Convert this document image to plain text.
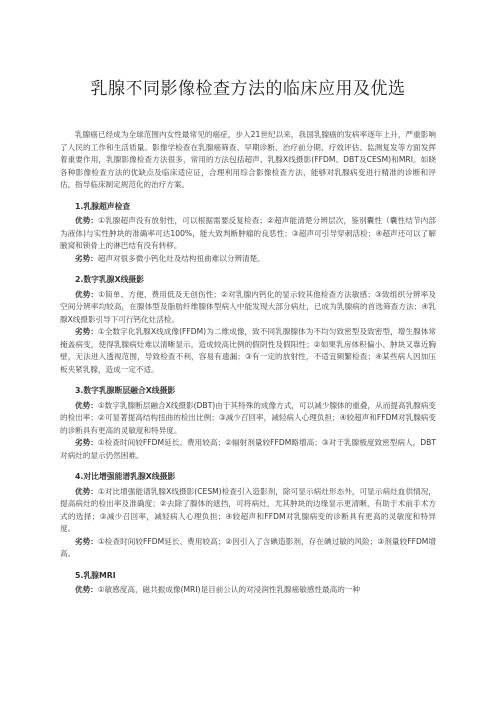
乳腺不同影像检查方法的临床应用及优选

乳腺癌已经成为全球范围内女性最常见的癌症，步入21世纪以来，我国乳腺癌的发病率逐年上升，严重影响了人民的工作和生活质量。影像学检查在乳腺癌筛查、早期诊断、治疗前分期、疗效评估、监测复发等方面发挥着重要作用，乳腺影像检查方法很多，常用的方法包括超声、乳腺X线摄影(FFDM、DBT及CESM)和MRI。如晓各种影像检查方法的优缺点及临床适应证，合理利用综合影像检查方法，能够对乳腺病变进行精准的诊断和评估，指导临床制定规范化的治疗方案。

1.乳腺超声检查

优势：①乳腺超声没有放射性，可以根据需要反复检查；②超声能清楚分辨层次，鉴别囊性（囊性结节内部为液体)与实性肿块的准确率可达100%，能大致判断肿瘤的良恶性；③超声可引导穿刺活检；④超声还可以了解腋窝和锁骨上的淋巴结有没有转移。

劣势：超声对很多微小钙化灶及结构扭曲难以分辨清楚。

2.数字乳腺X线摄影

优势：①简单、方便、费用低及无创伤性；②对乳腺内钙化的显示较其他检查方法敏感；③致组织分辨率及空间分辨率均较高，在腺体型及脂肪纤维腺体型病人中能发现大部分病灶，已成为乳腺病的首选筛查方法；④乳腺X线摄影引导下可行钙化灶活检。

劣势：①全数字化乳腺X线成像(FFDM)为二维成像，致不同乳腺腺体为不均匀致密型及致密型，增生腺体常掩盖病变，使得乳腺病灶难以清晰显示，造成较高比例的假阴性及假阳性；②如果乳房体积偏小、肿块又靠近胸壁，无法进入透视范围，导致检查不利，容易有遗漏；③有一定的放射性，不适宜频繁检查；④某些病人因加压板夹紧乳腺，造成一定不适。

3.数字乳腺断层融合X线摄影

优势：①数字乳腺断层融合X线摄影(DBT)由于其特殊的成像方式，可以减少腺体的重叠，从而提高乳腺病变的检出率；②可显著提高结构扭曲的检出比例；③减少召回率，减轻病人心理负担；④较超声和FFDM对乳腺病变的诊断具有更高的灵敏度和特异度。

劣势：①检查时间较FFDM延长、费用较高；②辐射剂量较FFDM略增高；③对于乳腺极度致密型病人，DBT对病灶的显示仍然困难。

4.对比增强能谱乳腺X线摄影

优势：①对比增强能谱乳腺X线摄影(CESM)检查引入造影剂，除可显示病灶形态外，可显示病灶血供情况，提高病灶的检出率及准确度；②去除了腺体的遮挡，可将病灶，尤其肿块的边缘显示更清晰，有助于术前手术方式的选择；③减少召回率，减轻病人心理负担；④较超声和FFDM对乳腺病变的诊断具有更高的灵敏度和特异度。

劣势：①检查时间较FFDM延长、费用较高；②因引入了含碘造影剂，存在碘过敏的风险；③剂量较FFDM增高。

5.乳腺MRI

优势：①敏感度高，磁共振成像(MRI)是目前公认的对浸润性乳腺癌敏感性最高的一种
